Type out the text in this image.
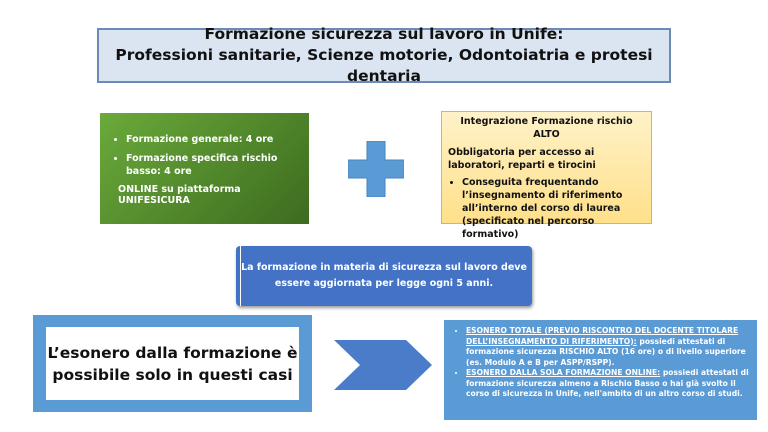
Formazione sicurezza sul lavoro in Unife:
Professioni sanitarie, Scienze motorie, Odontoiatria e protesi dentaria
• Formazione generale: 4 ore
• Formazione specifica rischio basso: 4 ore
ONLINE su piattaforma UNIFESICURA
Integrazione Formazione rischio ALTO
Obbligatoria per accesso ai laboratori, reparti e tirocini
• Conseguita frequentando l’insegnamento di riferimento all’interno del corso di laurea (specificato nel percorso formativo)
La formazione in materia di sicurezza sul lavoro deve
essere aggiornata per legge ogni 5 anni.
L’esonero dalla formazione è
possibile solo in questi casi
• ESONERO TOTALE (PREVIO RISCONTRO DEL DOCENTE TITOLARE DELL’INSEGNAMENTO DI RIFERIMENTO): possiedi attestati di formazione sicurezza RISCHIO ALTO (16 ore) o di livello superiore (es. Modulo A e B per ASPP/RSPP).
• ESONERO DALLA SOLA FORMAZIONE ONLINE: possiedi attestati di formazione sicurezza almeno a Rischio Basso o hai già svolto il corso di sicurezza in Unife, nell'ambito di un altro corso di studi.
